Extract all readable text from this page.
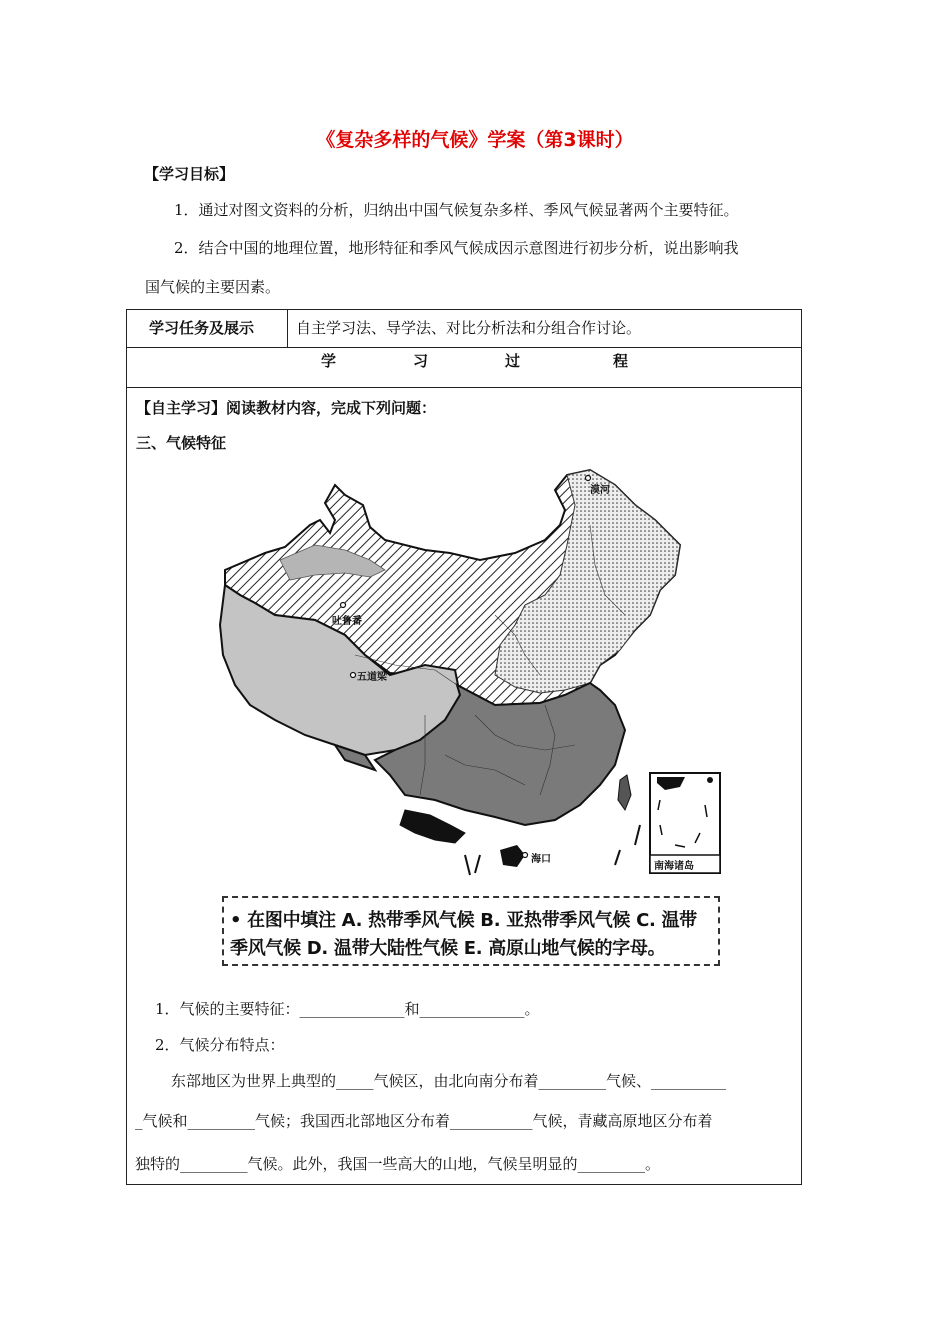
《复杂多样的气候》学案（第3课时）
【学习目标】
1．通过对图文资料的分析，归纳出中国气候复杂多样、季风气候显著两个主要特征。
2．结合中国的地理位置，地形特征和季风气候成因示意图进行初步分析，说出影响我
国气候的主要因素。
学习任务及展示	自主学习法、导学法、对比分析法和分组合作讨论。
学	习	过	程
【自主学习】阅读教材内容，完成下列问题：
三、气候特征
1．气候的主要特征：______________和______________。
2．气候分布特点：
东部地区为世界上典型的_____气候区，由北向南分布着_________气候、__________
_气候和_________气候；我国西北部地区分布着___________气候，青藏高原地区分布着
独特的_________气候。此外，我国一些高大的山地，气候呈明显的_________。
漠河
吐鲁番
五道梁
海口
南海诸岛
• 在图中填注 A. 热带季风气候 B. 亚热带季风气候 C. 温带
季风气候 D. 温带大陆性气候 E. 高原山地气候的字母。
